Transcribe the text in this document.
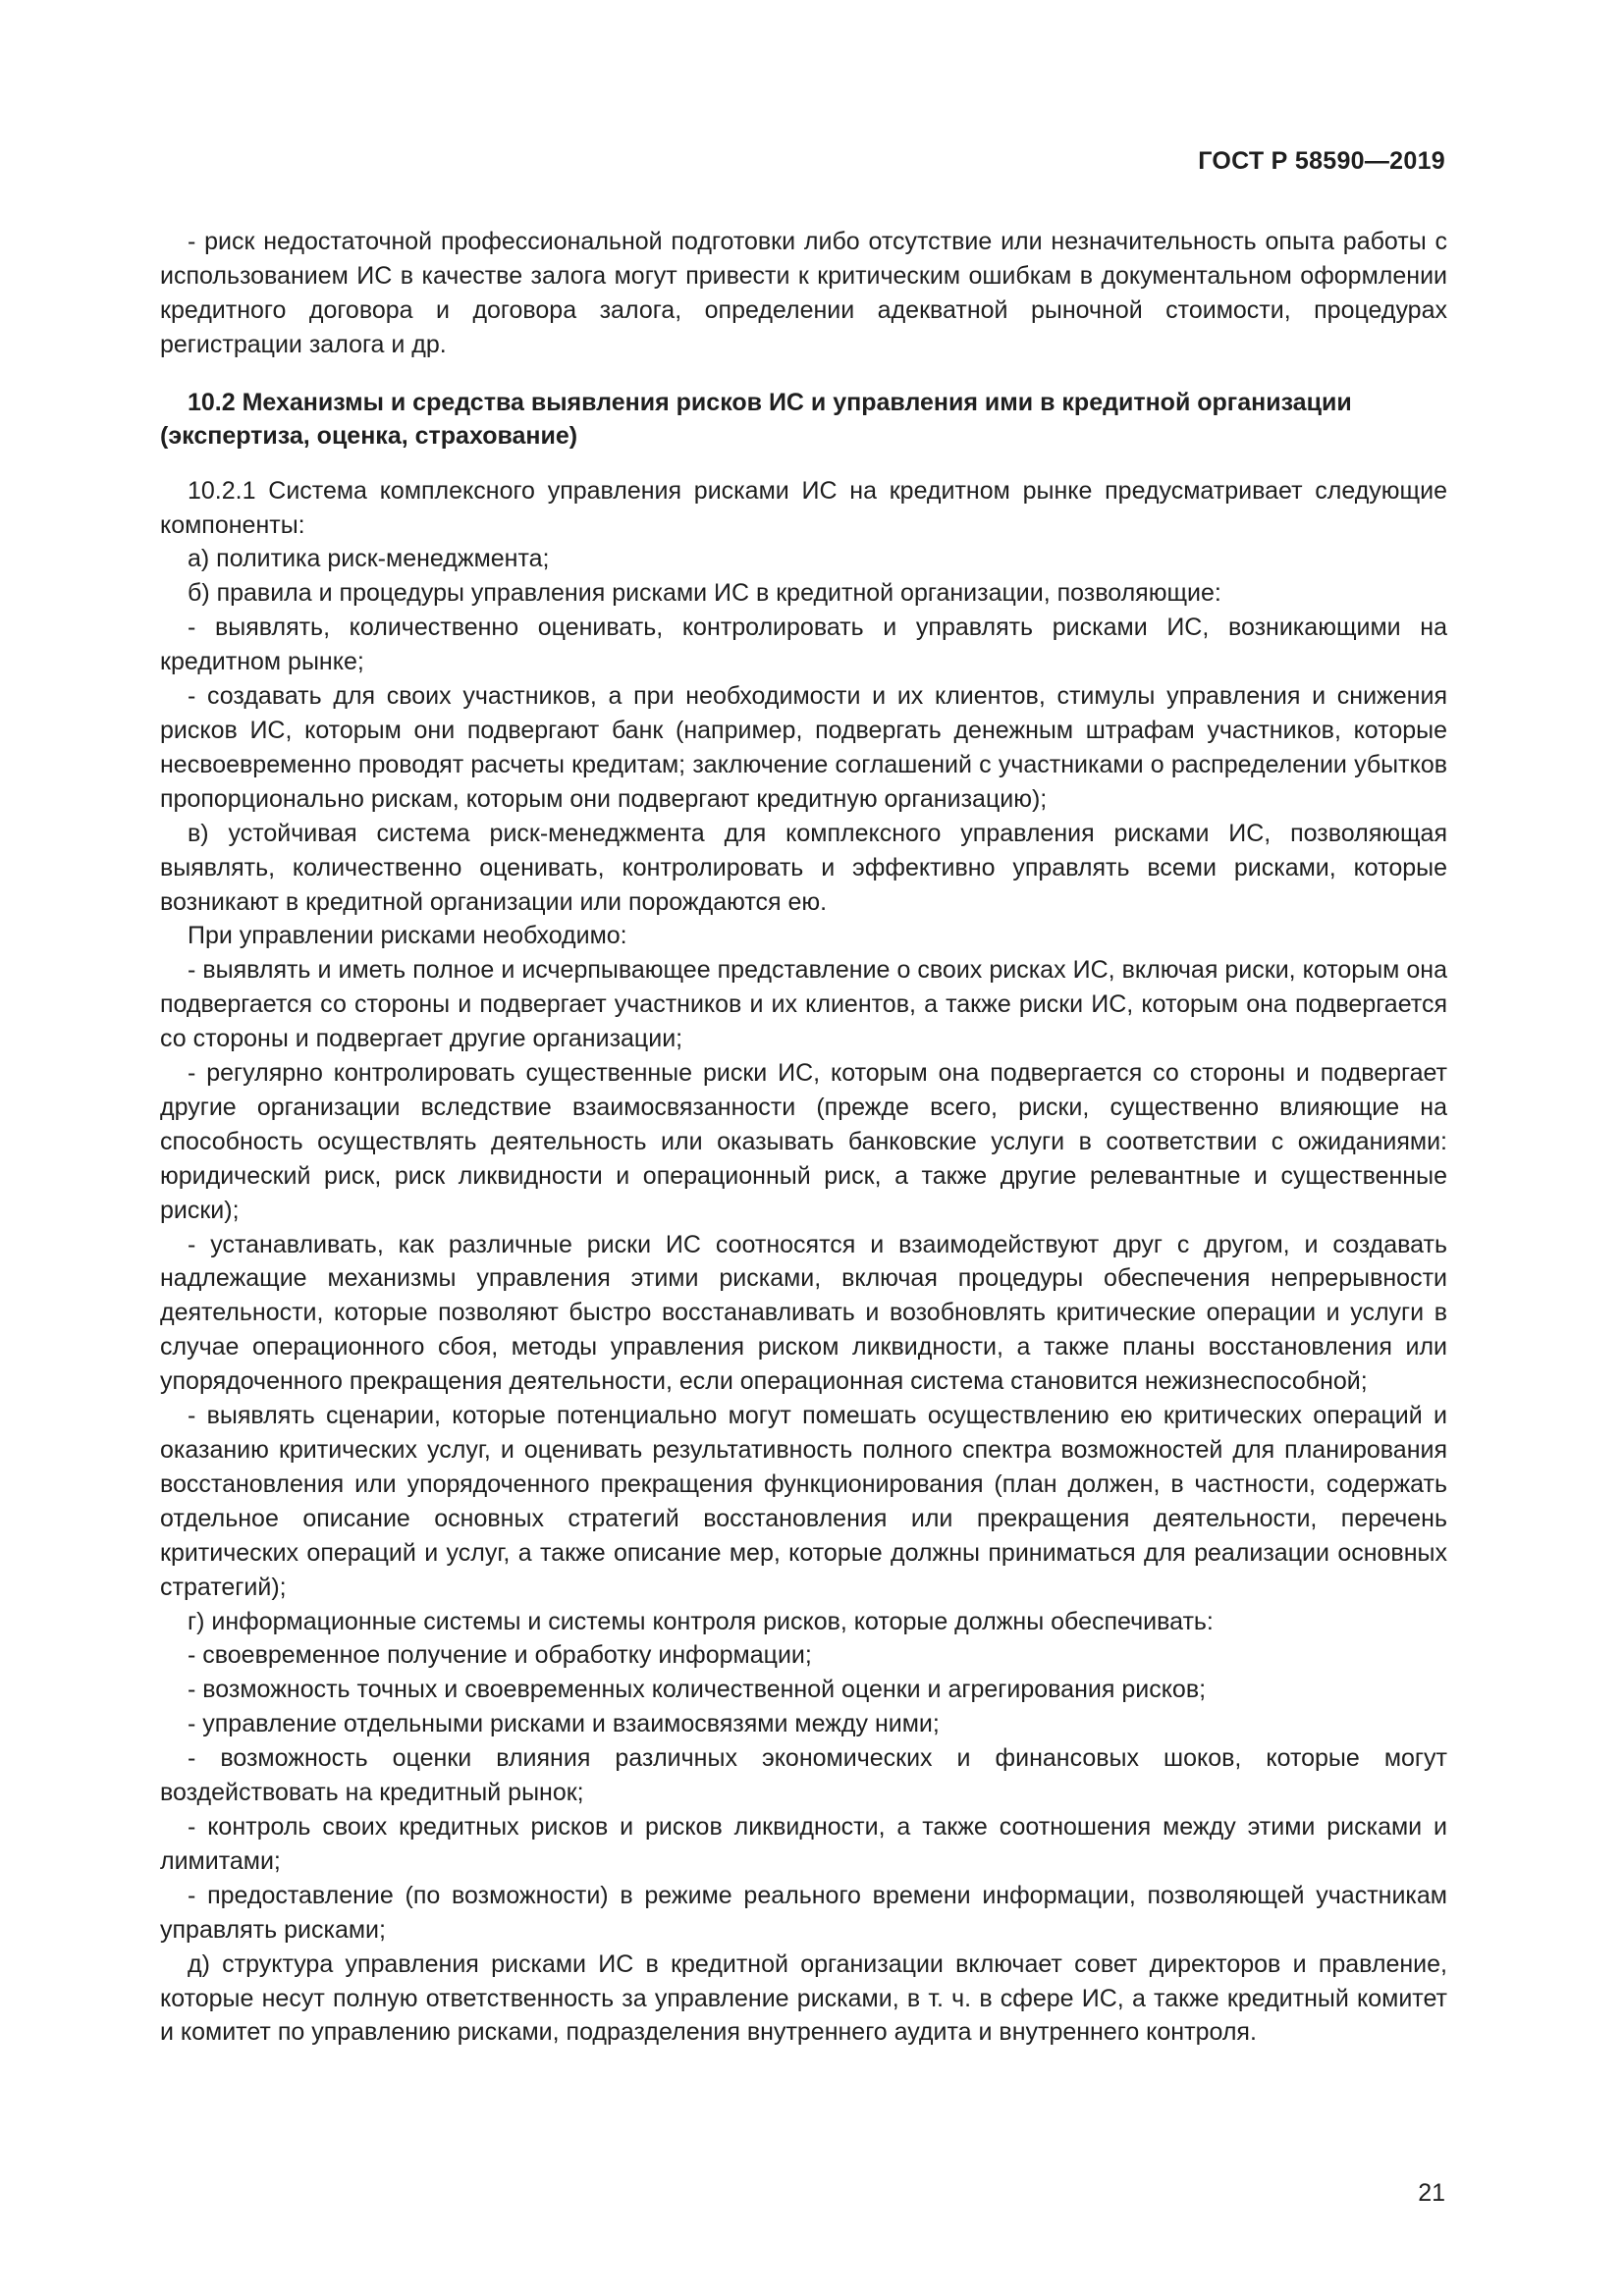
ГОСТ Р 58590—2019

- риск недостаточной профессиональной подготовки либо отсутствие или незначительность опыта работы с использованием ИС в качестве залога могут привести к критическим ошибкам в документальном оформлении кредитного договора и договора залога, определении адекватной рыночной стоимости, процедурах регистрации залога и др.

10.2 Механизмы и средства выявления рисков ИС и управления ими в кредитной организации (экспертиза, оценка, страхование)

10.2.1 Система комплексного управления рисками ИС на кредитном рынке предусматривает следующие компоненты:

а) политика риск-менеджмента;

б) правила и процедуры управления рисками ИС в кредитной организации, позволяющие:

- выявлять, количественно оценивать, контролировать и управлять рисками ИС, возникающими на кредитном рынке;

- создавать для своих участников, а при необходимости и их клиентов, стимулы управления и снижения рисков ИС, которым они подвергают банк (например, подвергать денежным штрафам участников, которые несвоевременно проводят расчеты кредитам; заключение соглашений с участниками о распределении убытков пропорционально рискам, которым они подвергают кредитную организацию);

в) устойчивая система риск-менеджмента для комплексного управления рисками ИС, позволяющая выявлять, количественно оценивать, контролировать и эффективно управлять всеми рисками, которые возникают в кредитной организации или порождаются ею.

При управлении рисками необходимо:

- выявлять и иметь полное и исчерпывающее представление о своих рисках ИС, включая риски, которым она подвергается со стороны и подвергает участников и их клиентов, а также риски ИС, которым она подвергается со стороны и подвергает другие организации;

- регулярно контролировать существенные риски ИС, которым она подвергается со стороны и подвергает другие организации вследствие взаимосвязанности (прежде всего, риски, существенно влияющие на способность осуществлять деятельность или оказывать банковские услуги в соответствии с ожиданиями: юридический риск, риск ликвидности и операционный риск, а также другие релевантные и существенные риски);

- устанавливать, как различные риски ИС соотносятся и взаимодействуют друг с другом, и создавать надлежащие механизмы управления этими рисками, включая процедуры обеспечения непрерывности деятельности, которые позволяют быстро восстанавливать и возобновлять критические операции и услуги в случае операционного сбоя, методы управления риском ликвидности, а также планы восстановления или упорядоченного прекращения деятельности, если операционная система становится нежизнеспособной;

- выявлять сценарии, которые потенциально могут помешать осуществлению ею критических операций и оказанию критических услуг, и оценивать результативность полного спектра возможностей для планирования восстановления или упорядоченного прекращения функционирования (план должен, в частности, содержать отдельное описание основных стратегий восстановления или прекращения деятельности, перечень критических операций и услуг, а также описание мер, которые должны приниматься для реализации основных стратегий);

г) информационные системы и системы контроля рисков, которые должны обеспечивать:

- своевременное получение и обработку информации;

- возможность точных и своевременных количественной оценки и агрегирования рисков;

- управление отдельными рисками и взаимосвязями между ними;

- возможность оценки влияния различных экономических и финансовых шоков, которые могут воздействовать на кредитный рынок;

- контроль своих кредитных рисков и рисков ликвидности, а также соотношения между этими рисками и лимитами;

- предоставление (по возможности) в режиме реального времени информации, позволяющей участникам управлять рисками;

д) структура управления рисками ИС в кредитной организации включает совет директоров и правление, которые несут полную ответственность за управление рисками, в т. ч. в сфере ИС, а также кредитный комитет и комитет по управлению рисками, подразделения внутреннего аудита и внутреннего контроля.

21
